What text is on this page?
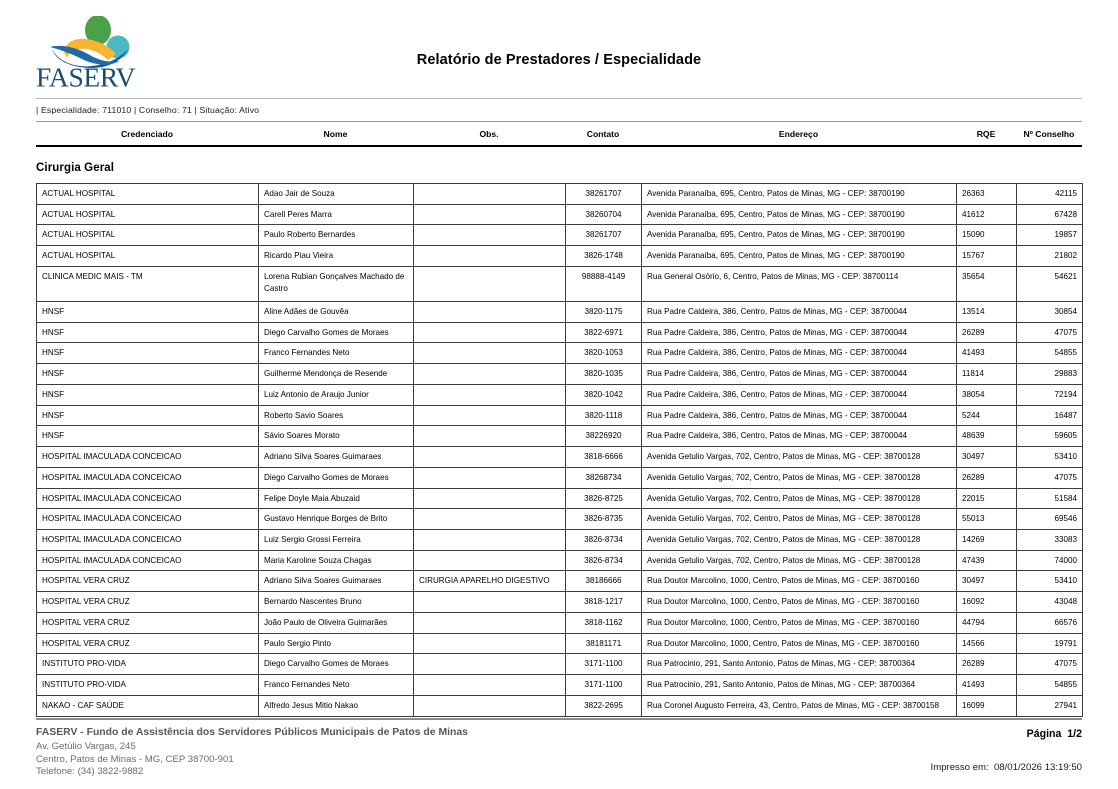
FASERV
Relatório de Prestadores / Especialidade
| Especialidade: 711010 | Conselho: 71 | Situação: Ativo
Credenciado	Nome	Obs.	Contato	Endereço	RQE	Nº Conselho
Cirurgia Geral
ACTUAL HOSPITAL	Adao Jair de Souza		38261707	Avenida Paranaíba, 695, Centro, Patos de Minas, MG - CEP: 38700190	26363	42115
ACTUAL HOSPITAL	Carell Peres Marra		38260704	Avenida Paranaíba, 695, Centro, Patos de Minas, MG - CEP: 38700190	41612	67428
ACTUAL HOSPITAL	Paulo Roberto Bernardes		38261707	Avenida Paranaíba, 695, Centro, Patos de Minas, MG - CEP: 38700190	15090	19857
ACTUAL HOSPITAL	Ricardo Piau Vieira		3826-1748	Avenida Paranaíba, 695, Centro, Patos de Minas, MG - CEP: 38700190	15767	21802
CLINICA MEDIC MAIS - TM	Lorena Rubian Gonçalves Machado de Castro		98888-4149	Rua General Osório, 6, Centro, Patos de Minas, MG - CEP: 38700114	35654	54621
HNSF	Aline Adães de Gouvêa		3820-1175	Rua Padre Caldeira, 386, Centro, Patos de Minas, MG - CEP: 38700044	13514	30854
HNSF	Diego Carvalho Gomes de Moraes		3822-6971	Rua Padre Caldeira, 386, Centro, Patos de Minas, MG - CEP: 38700044	26289	47075
HNSF	Franco Fernandes Neto		3820-1053	Rua Padre Caldeira, 386, Centro, Patos de Minas, MG - CEP: 38700044	41493	54855
HNSF	Guilherme Mendonça de Resende		3820-1035	Rua Padre Caldeira, 386, Centro, Patos de Minas, MG - CEP: 38700044	11814	29883
HNSF	Luiz Antonio de Araujo Junior		3820-1042	Rua Padre Caldeira, 386, Centro, Patos de Minas, MG - CEP: 38700044	38054	72194
HNSF	Roberto Savio Soares		3820-1118	Rua Padre Caldeira, 386, Centro, Patos de Minas, MG - CEP: 38700044	5244	16487
HNSF	Sávio Soares Morato		38226920	Rua Padre Caldeira, 386, Centro, Patos de Minas, MG - CEP: 38700044	48639	59605
HOSPITAL IMACULADA CONCEICAO	Adriano Silva Soares Guimaraes		3818-6666	Avenida Getulio Vargas, 702, Centro, Patos de Minas, MG - CEP: 38700128	30497	53410
HOSPITAL IMACULADA CONCEICAO	Diego Carvalho Gomes de Moraes		38268734	Avenida Getulio Vargas, 702, Centro, Patos de Minas, MG - CEP: 38700128	26289	47075
HOSPITAL IMACULADA CONCEICAO	Felipe Doyle Maia Abuzaid		3826-8725	Avenida Getulio Vargas, 702, Centro, Patos de Minas, MG - CEP: 38700128	22015	51584
HOSPITAL IMACULADA CONCEICAO	Gustavo Henrique Borges de Brito		3826-8735	Avenida Getulio Vargas, 702, Centro, Patos de Minas, MG - CEP: 38700128	55013	69546
HOSPITAL IMACULADA CONCEICAO	Luiz Sergio Grossi Ferreira		3826-8734	Avenida Getulio Vargas, 702, Centro, Patos de Minas, MG - CEP: 38700128	14269	33083
HOSPITAL IMACULADA CONCEICAO	Maria Karoline Souza Chagas		3826-8734	Avenida Getulio Vargas, 702, Centro, Patos de Minas, MG - CEP: 38700128	47439	74000
HOSPITAL VERA CRUZ	Adriano Silva Soares Guimaraes	CIRURGIA APARELHO DIGESTIVO	38186666	Rua Doutor Marcolino, 1000, Centro, Patos de Minas, MG - CEP: 38700160	30497	53410
HOSPITAL VERA CRUZ	Bernardo Nascentes Bruno		3818-1217	Rua Doutor Marcolino, 1000, Centro, Patos de Minas, MG - CEP: 38700160	16092	43048
HOSPITAL VERA CRUZ	João Paulo de Oliveira Guimarães		3818-1162	Rua Doutor Marcolino, 1000, Centro, Patos de Minas, MG - CEP: 38700160	44794	66576
HOSPITAL VERA CRUZ	Paulo Sergio Pinto		38181171	Rua Doutor Marcolino, 1000, Centro, Patos de Minas, MG - CEP: 38700160	14566	19791
INSTITUTO PRO-VIDA	Diego Carvalho Gomes de Moraes		3171-1100	Rua Patrocinio, 291, Santo Antonio, Patos de Minas, MG - CEP: 38700364	26289	47075
INSTITUTO PRO-VIDA	Franco Fernandes Neto		3171-1100	Rua Patrocinio, 291, Santo Antonio, Patos de Minas, MG - CEP: 38700364	41493	54855
NAKAO - CAF SAÚDE	Alfredo Jesus Mitio Nakao		3822-2695	Rua Coronel Augusto Ferreira, 43, Centro, Patos de Minas, MG - CEP: 38700158	16099	27941
FASERV - Fundo de Assistência dos Servidores Públicos Municipais de Patos de Minas
Av. Getúlio Vargas, 245
Centro, Patos de Minas - MG, CEP 38700-901
Telefone: (34) 3822-9882
Página  1/2
Impresso em:  08/01/2026 13:19:50
